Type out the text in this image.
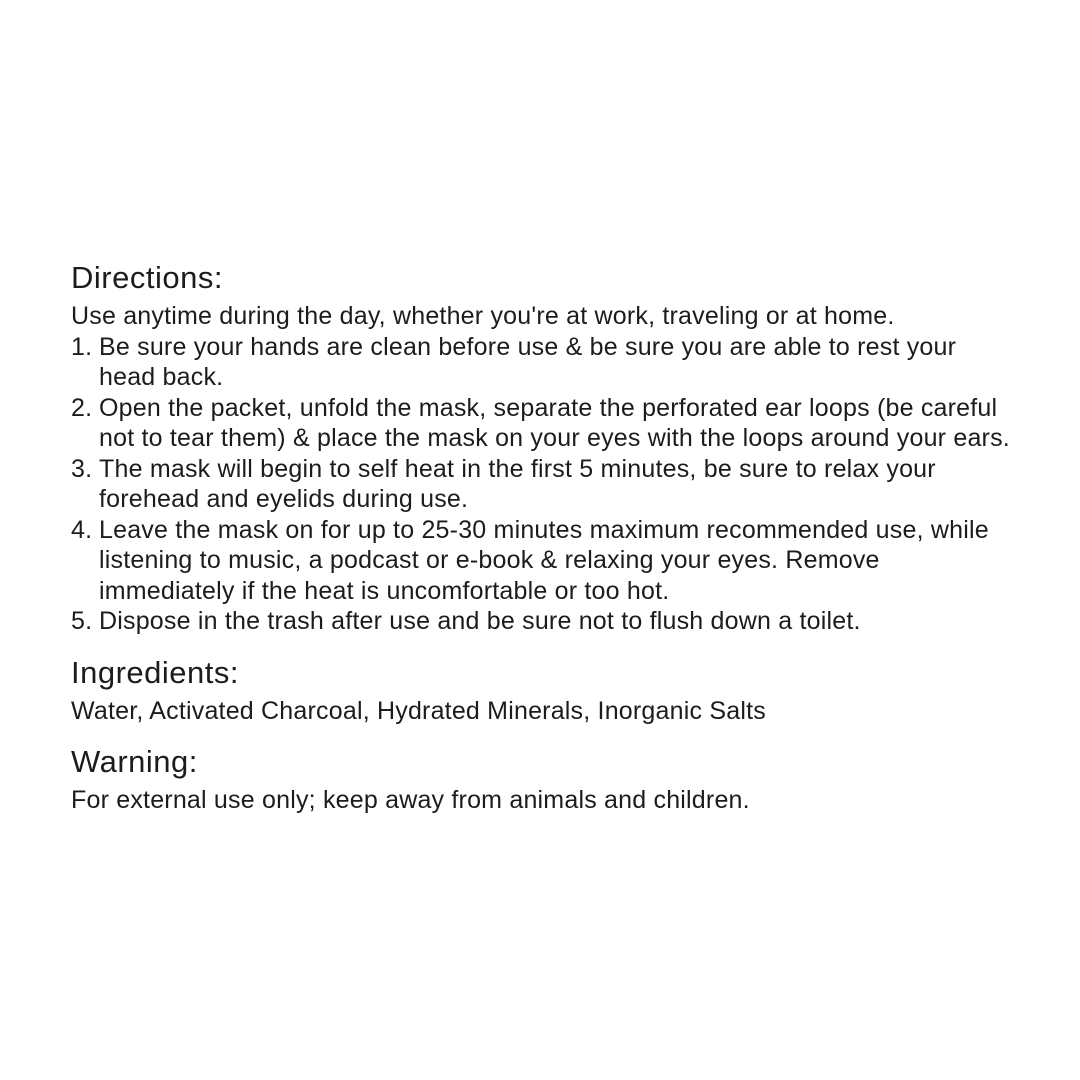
Directions:

Use anytime during the day, whether you're at work, traveling or at home.

1. Be sure your hands are clean before use & be sure you are able to rest your head back.
2. Open the packet, unfold the mask, separate the perforated ear loops (be careful not to tear them) & place the mask on your eyes with the loops around your ears.
3. The mask will begin to self heat in the first 5 minutes, be sure to relax your forehead and eyelids during use.
4. Leave the mask on for up to 25-30 minutes maximum recommended use, while listening to music, a podcast or e-book & relaxing your eyes. Remove immediately if the heat is uncomfortable or too hot.
5. Dispose in the trash after use and be sure not to flush down a toilet.
Ingredients:

Water, Activated Charcoal, Hydrated Minerals, Inorganic Salts

Warning:

For external use only; keep away from animals and children.
